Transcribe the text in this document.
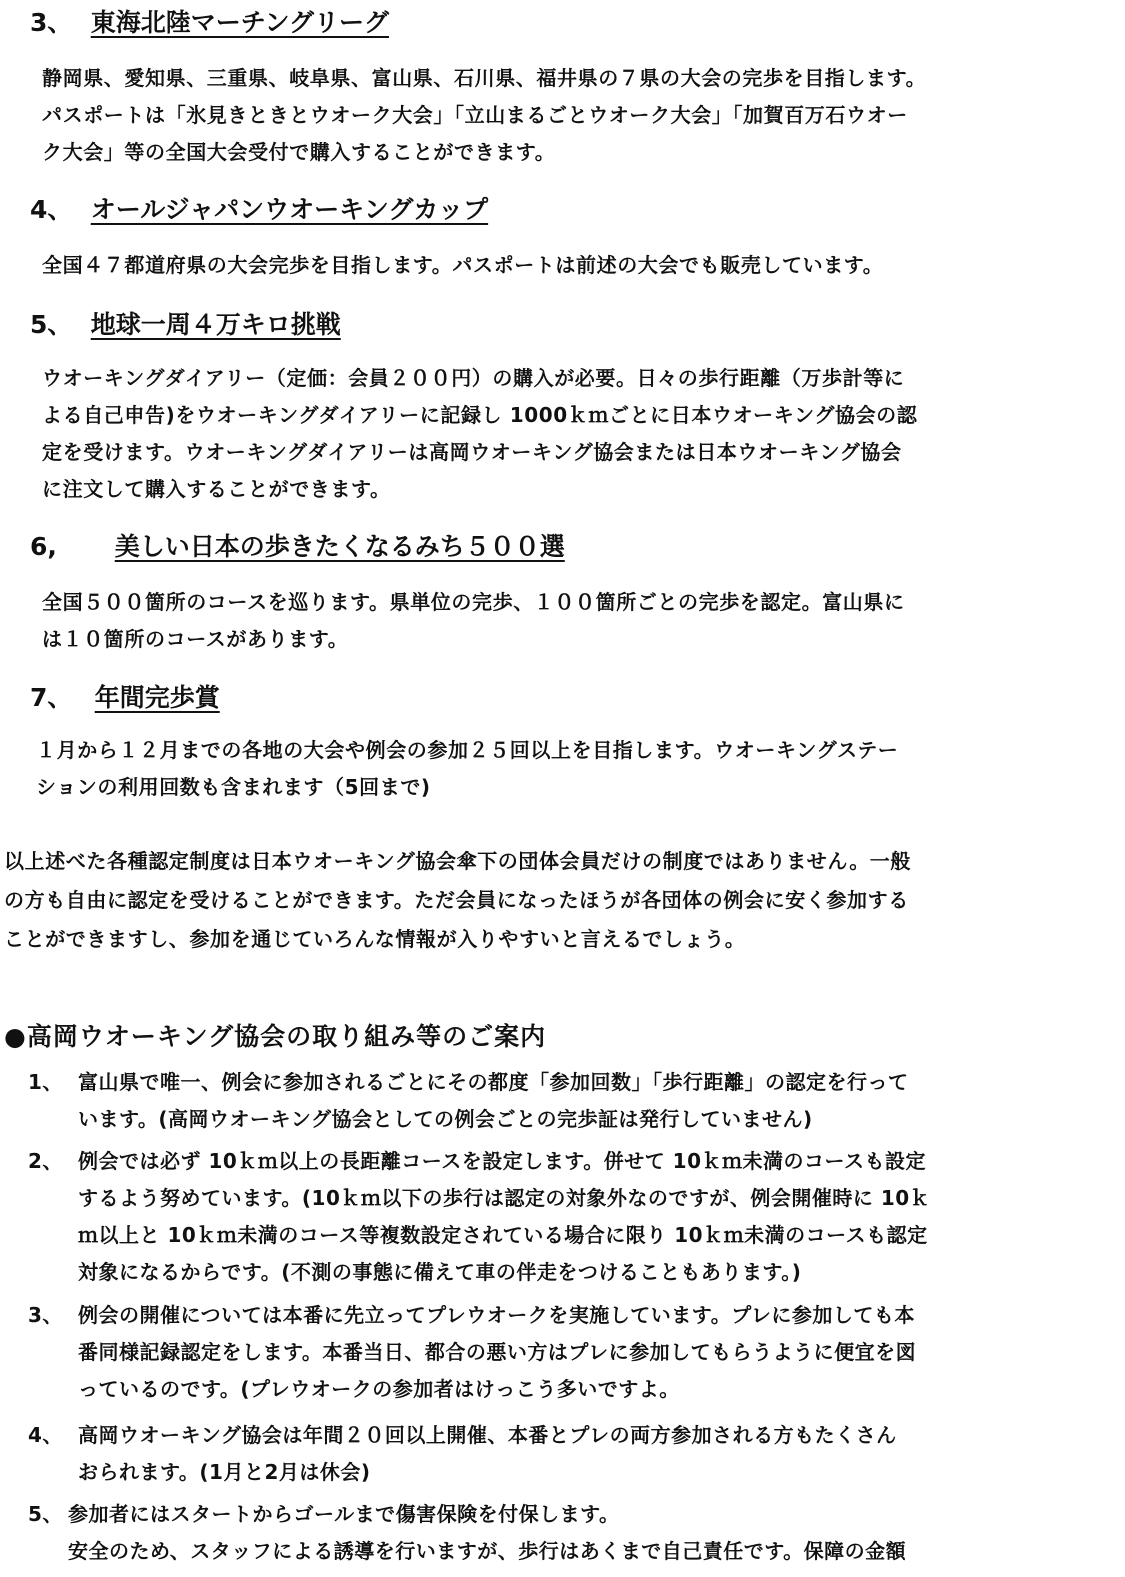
3、 東海北陸マーチングリーグ

静岡県、愛知県、三重県、岐阜県、富山県、石川県、福井県の７県の大会の完歩を目指します。

パスポートは「氷見きときとウオーク大会」「立山まるごとウオーク大会」「加賀百万石ウオー

ク大会」等の全国大会受付で購入することができます。

4、 オールジャパンウオーキングカップ

全国４７都道府県の大会完歩を目指します。パスポートは前述の大会でも販売しています。

5、 地球一周４万キロ挑戦

ウオーキングダイアリー（定価：会員２００円）の購入が必要。日々の歩行距離（万歩計等に

よる自己申告)をウオーキングダイアリーに記録し 1000ｋｍごとに日本ウオーキング協会の認

定を受けます。ウオーキングダイアリーは高岡ウオーキング協会または日本ウオーキング協会

に注文して購入することができます。

6, 美しい日本の歩きたくなるみち５００選

全国５００箇所のコースを巡ります。県単位の完歩、１００箇所ごとの完歩を認定。富山県に

は１０箇所のコースがあります。

7、 年間完歩賞

１月から１２月までの各地の大会や例会の参加２５回以上を目指します。ウオーキングステー

ションの利用回数も含まれます（5回まで)

以上述べた各種認定制度は日本ウオーキング協会傘下の団体会員だけの制度ではありません。一般

の方も自由に認定を受けることができます。ただ会員になったほうが各団体の例会に安く参加する

ことができますし、参加を通じていろんな情報が入りやすいと言えるでしょう。

●高岡ウオーキング協会の取り組み等のご案内
1、 富山県で唯一、例会に参加されるごとにその都度「参加回数」「歩行距離」の認定を行って

います。(高岡ウオーキング協会としての例会ごとの完歩証は発行していません)

2、 例会では必ず 10ｋｍ以上の長距離コースを設定します。併せて 10ｋｍ未満のコースも設定

するよう努めています。(10ｋｍ以下の歩行は認定の対象外なのですが、例会開催時に 10ｋ

ｍ以上と 10ｋｍ未満のコース等複数設定されている場合に限り 10ｋｍ未満のコースも認定

対象になるからです。(不測の事態に備えて車の伴走をつけることもあります。)

3、 例会の開催については本番に先立ってプレウオークを実施しています。プレに参加しても本

番同様記録認定をします。本番当日、都合の悪い方はプレに参加してもらうように便宜を図

っているのです。(プレウオークの参加者はけっこう多いですよ。

4、 高岡ウオーキング協会は年間２０回以上開催、本番とプレの両方参加される方もたくさん

おられます。(1月と2月は休会)

5、 参加者にはスタートからゴールまで傷害保険を付保します。

安全のため、スタッフによる誘導を行いますが、歩行はあくまで自己責任です。保障の金額
